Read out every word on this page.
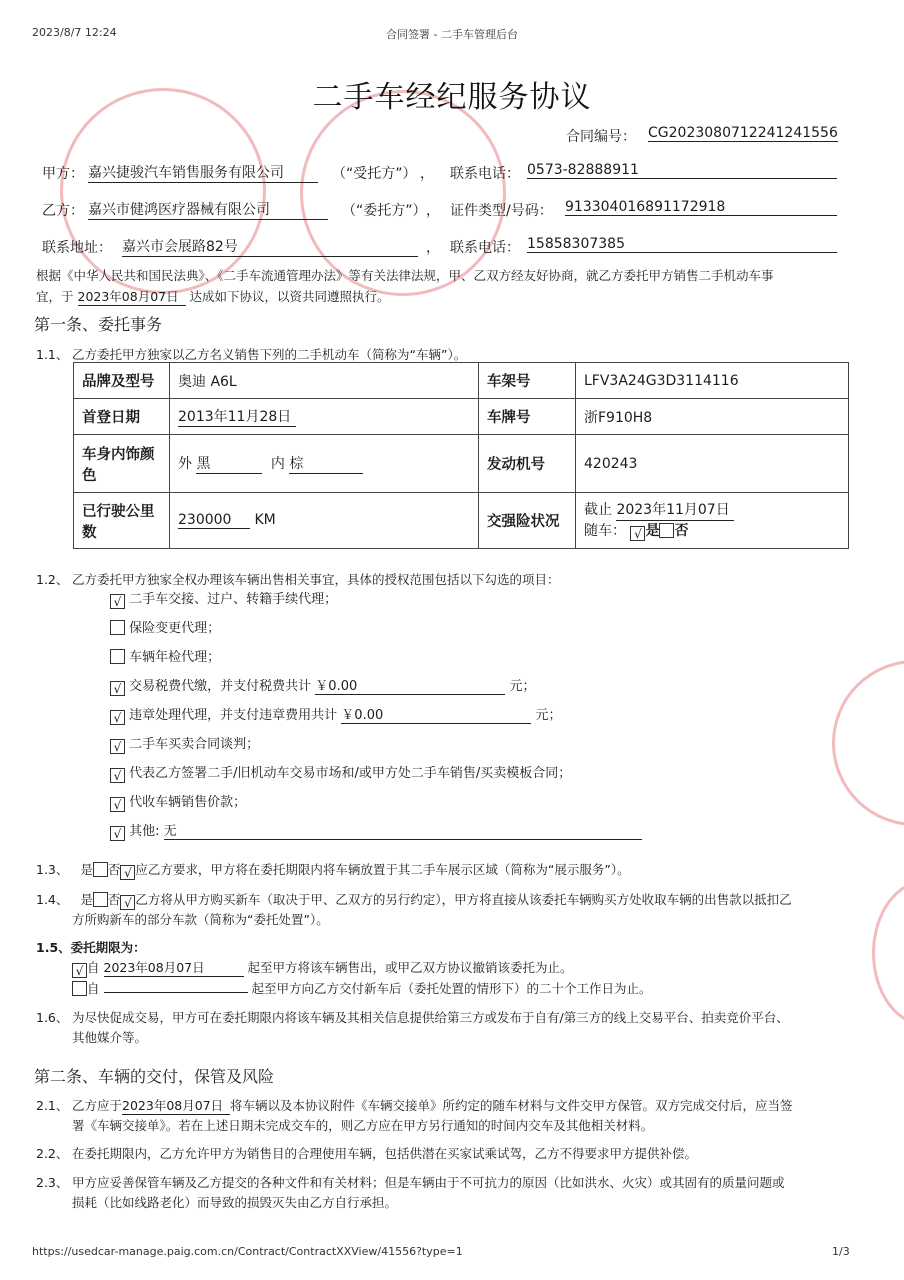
2023/8/7 12:24	合同签署 - 二手车管理后台
二手车经纪服务协议
合同编号： CG2023080712241241556
甲方： 嘉兴捷骏汽车销售服务有限公司	（“受托方”） ， 联系电话： 0573-82888911
乙方： 嘉兴市健鸿医疗器械有限公司	（“委托方”） ， 证件类型/号码： 913304016891172918
联系地址： 嘉兴市会展路82号	， 联系电话： 15858307385
根据《中华人民共和国民法典》、《二手车流通管理办法》等有关法律法规，甲、乙双方经友好协商，就乙方委托甲方销售二手机动车事
宜，于 2023年08月07日 达成如下协议，以资共同遵照执行。
第一条、委托事务
1.1、 乙方委托甲方独家以乙方名义销售下列的二手机动车（简称为“车辆”）。
品牌及型号	奥迪 A6L	车架号	LFV3A24G3D3114116
首登日期	2013年11月28日	车牌号	浙F910H8
车身内饰颜色	外 黑 内 棕	发动机号	420243
已行驶公里数	230000 KM	交强险状况	截止 2023年11月07日
随车： √ 是 否
1.2、 乙方委托甲方独家全权办理该车辆出售相关事宜，具体的授权范围包括以下勾选的项目：
√ 二手车交接、过户、转籍手续代理；
保险变更代理；
车辆年检代理；
√ 交易税费代缴，并支付税费共计 ￥0.00	元；
√ 违章处理代理，并支付违章费用共计 ￥0.00	元；
√ 二手车买卖合同谈判；
√ 代表乙方签署二手/旧机动车交易市场和/或甲方处二手车销售/买卖模板合同；
√ 代收车辆销售价款；
√ 其他: 无
1.3、 是 否 √ 应乙方要求，甲方将在委托期限内将车辆放置于其二手车展示区域（简称为“展示服务”）。
1.4、 是 否 √ 乙方将从甲方购买新车（取决于甲、乙双方的另行约定），甲方将直接从该委托车辆购买方处收取车辆的出售款以抵扣乙
方所购新车的部分车款（简称为“委托处置”）。
1.5、委托期限为：
√ 自 2023年08月07日	起至甲方将该车辆售出，或甲乙双方协议撤销该委托为止。
自	起至甲方向乙方交付新车后（委托处置的情形下）的二十个工作日为止。
1.6、 为尽快促成交易，甲方可在委托期限内将该车辆及其相关信息提供给第三方或发布于自有/第三方的线上交易平台、拍卖竞价平台、
其他媒介等。
第二条、车辆的交付，保管及风险
2.1、 乙方应于2023年08月07日 将车辆以及本协议附件《车辆交接单》所约定的随车材料与文件交甲方保管。双方完成交付后，应当签
署《车辆交接单》。若在上述日期未完成交车的，则乙方应在甲方另行通知的时间内交车及其他相关材料。
2.2、 在委托期限内，乙方允许甲方为销售目的合理使用车辆，包括供潜在买家试乘试驾，乙方不得要求甲方提供补偿。
2.3、 甲方应妥善保管车辆及乙方提交的各种文件和有关材料；但是车辆由于不可抗力的原因（比如洪水、火灾）或其固有的质量问题或
损耗（比如线路老化）而导致的损毁灭失由乙方自行承担。
https://usedcar-manage.paig.com.cn/Contract/ContractXXView/41556?type=1	1/3
